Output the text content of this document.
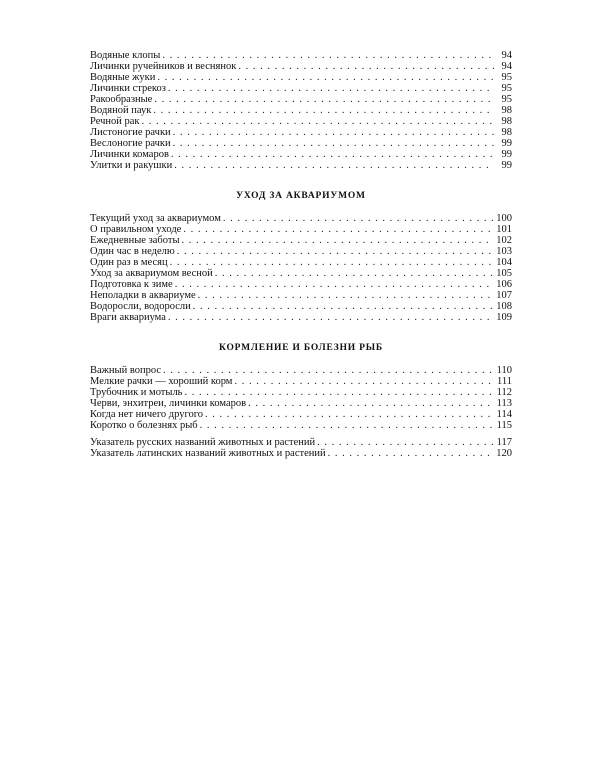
Водяные клопы . . .	94
Личинки ручейников и веснянок . . .	94
Водяные жуки . . .	95
Личинки стрекоз . . .	95
Ракообразные . . .	95
Водяной паук . . .	98
Речной рак . . .	98
Листоногие рачки . . .	98
Веслоногие рачки . . .	99
Личинки комаров . . .	99
Улитки и ракушки . . .	99
УХОД ЗА АКВАРИУМОМ
Текущий уход за аквариумом . . .	100
О правильном уходе . . .	101
Ежедневные заботы . . .	102
Один час в неделю . . .	103
Один раз в месяц . . .	104
Уход за аквариумом весной . . .	105
Подготовка к зиме . . .	106
Неполадки в аквариуме . . .	107
Водоросли, водоросли . . .	108
Враги аквариума . . .	109
КОРМЛЕНИЕ И БОЛЕЗНИ РЫБ
Важный вопрос . . .	110
Мелкие рачки — хороший корм . . .	111
Трубочник и мотыль . . .	112
Черви, энхитреи, личинки комаров . . .	113
Когда нет ничего другого . . .	114
Коротко о болезнях рыб . . .	115
Указатель русских названий животных и растений . . .	117
Указатель латинских названий животных и растений . . .	120
